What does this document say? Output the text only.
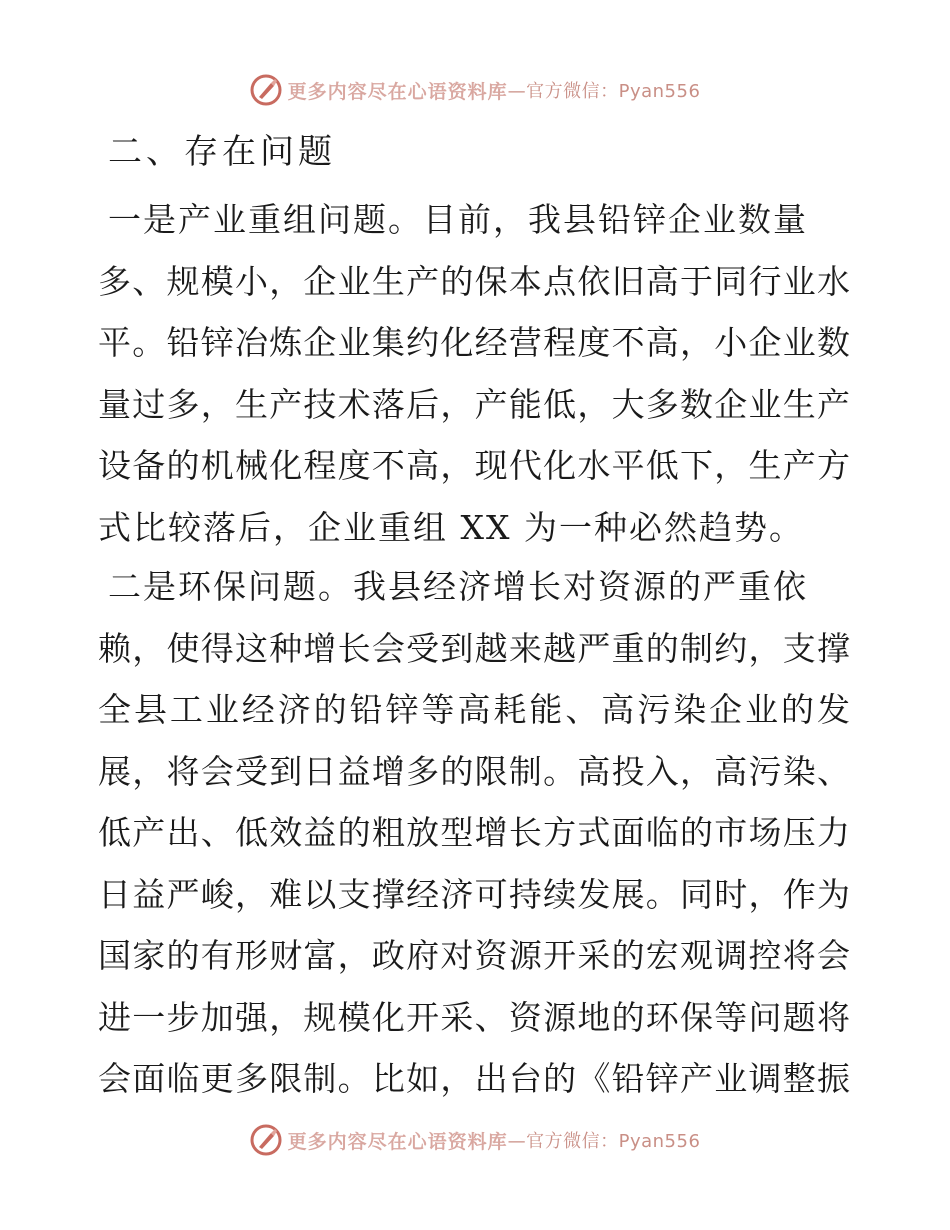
更多内容尽在心语资料库 —官方微信：Pyan556
二、存在问题
一是产业重组问题。目前，我县铅锌企业数量
多、规模小，企业生产的保本点依旧高于同行业水
平。铅锌冶炼企业集约化经营程度不高，小企业数
量过多，生产技术落后，产能低，大多数企业生产
设备的机械化程度不高，现代化水平低下，生产方
式比较落后，企业重组 XX 为一种必然趋势。
二是环保问题。我县经济增长对资源的严重依
赖，使得这种增长会受到越来越严重的制约，支撑
全县工业经济的铅锌等高耗能、高污染企业的发
展，将会受到日益增多的限制。高投入，高污染、
低产出、低效益的粗放型增长方式面临的市场压力
日益严峻，难以支撑经济可持续发展。同时，作为
国家的有形财富，政府对资源开采的宏观调控将会
进一步加强，规模化开采、资源地的环保等问题将
会面临更多限制。比如，出台的《铅锌产业调整振
更多内容尽在心语资料库 —官方微信：Pyan556
